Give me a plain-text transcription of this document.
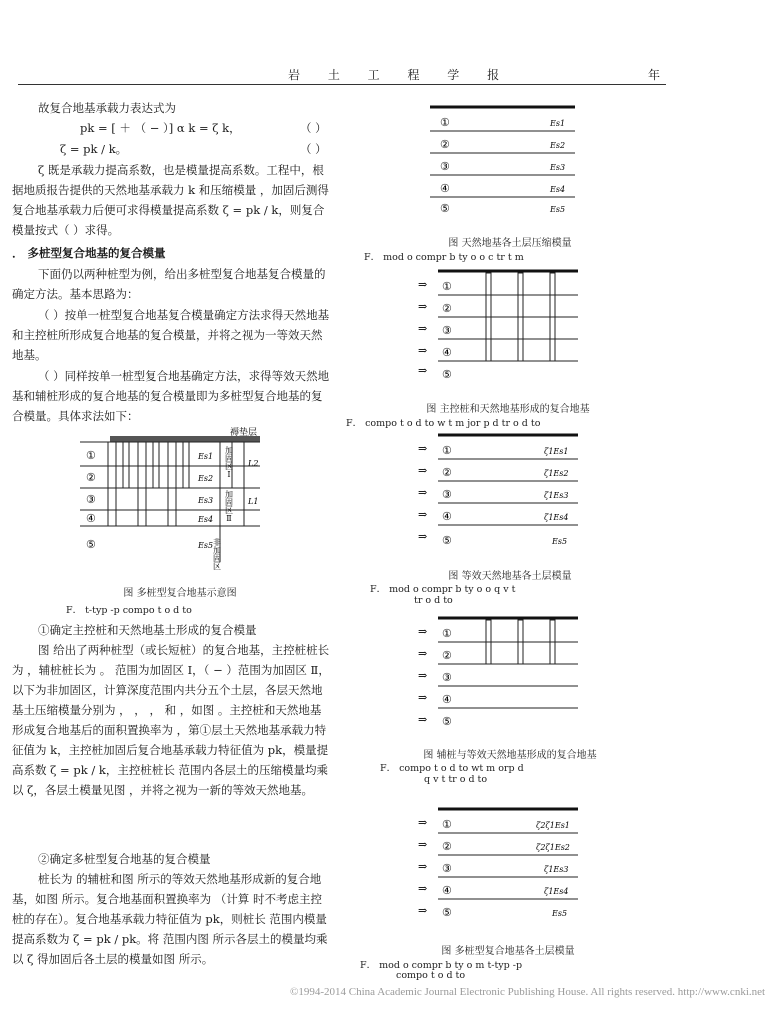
岩 土 工 程 学 报	年
故复合地基承载力表达式为
pk = [ ＋ （ − ）] α k = ζ k，	（ ）
ζ = pk / k。	（ ）
ζ 既是承载力提高系数，也是模量提高系数。工程中，根据地质报告提供的天然地基承载力 k 和压缩模量 ，加固后测得复合地基承载力后便可求得模量提高系数 ζ = pk / k，则复合模量按式（ ）求得。
． 多桩型复合地基的复合模量
下面仍以两种桩型为例，给出多桩型复合地基复合模量的确定方法。基本思路为：
（ ）按单一桩型复合地基复合模量确定方法求得天然地基和主控桩所形成复合地基的复合模量，并将之视为一等效天然地基。
（ ）同样按单一桩型复合地基确定方法，求得等效天然地基和辅桩形成的复合地基的复合模量即为多桩型复合地基的复合模量。具体求法如下：
①
②
③
④
⑤
Es1
Es2
Es3
Es4
Es5 非加固区
加固区Ⅱ
加固区Ⅰ L2
L1
褥垫层
图 多桩型复合地基示意图
F． t-typ -p compo t o d to
①确定主控桩和天然地基土形成的复合模量
图 给出了两种桩型（或长短桩）的复合地基，主控桩桩长为 ，辅桩桩长为 。 范围为加固区 Ⅰ，（ − ）范围为加固区 Ⅱ， 以下为非加固区，计算深度范围内共分五个土层，各层天然地基土压缩模量分别为 ， ， ， 和 ，如图 。主控桩和天然地基形成复合地基后的面积置换率为 ，第①层土天然地基承载力特征值为 k，主控桩加固后复合地基承载力特征值为 pk，模量提高系数 ζ = pk / k，主控桩桩长 范围内各层土的压缩模量均乘以 ζ，各层土模量见图 ，并将之视为一新的等效天然地基。
②确定多桩型复合地基的复合模量
桩长为 的辅桩和图 所示的等效天然地基形成新的复合地基，如图 所示。复合地基面积置换率为 （计算 时不考虑主控桩的存在）。复合地基承载力特征值为 pk，则桩长 范围内模量提高系数为 ζ = pk / pk。将 范围内图 所示各层土的模量均乘以 ζ 得加固后各土层的模量如图 所示。
①
②
③
④
⑤
Es1
Es2
Es3
Es4
Es5
图 天然地基各土层压缩模量
F． mod o compr b ty o o c tr t m
⇒
⇒
⇒
⇒
⇒
①
②
③
④
⑤
图 主控桩和天然地基形成的复合地基
F． compo t o d to w t m jor p d tr o d to
⇒
⇒
⇒
⇒
⇒
①
②
③
④
⑤
ζ1Es1
ζ1Es2
ζ1Es3
ζ1Es4
Es5
图 等效天然地基各土层模量
F． mod o compr b ty o o q v t
tr o d to
⇒
⇒
⇒
⇒
⇒
①
②
③
④
⑤
图 辅桩与等效天然地基形成的复合地基
F． compo t o d to wt m orp d
q v t tr o d to
⇒
⇒
⇒
⇒
⇒
①
②
③
④
⑤
ζ2ζ1Es1
ζ2ζ1Es2
ζ1Es3
ζ1Es4
Es5
图 多桩型复合地基各土层模量
F． mod o compr b ty o m t-typ -p
compo t o d to
©1994-2014 China Academic Journal Electronic Publishing House. All rights reserved. http://www.cnki.net
